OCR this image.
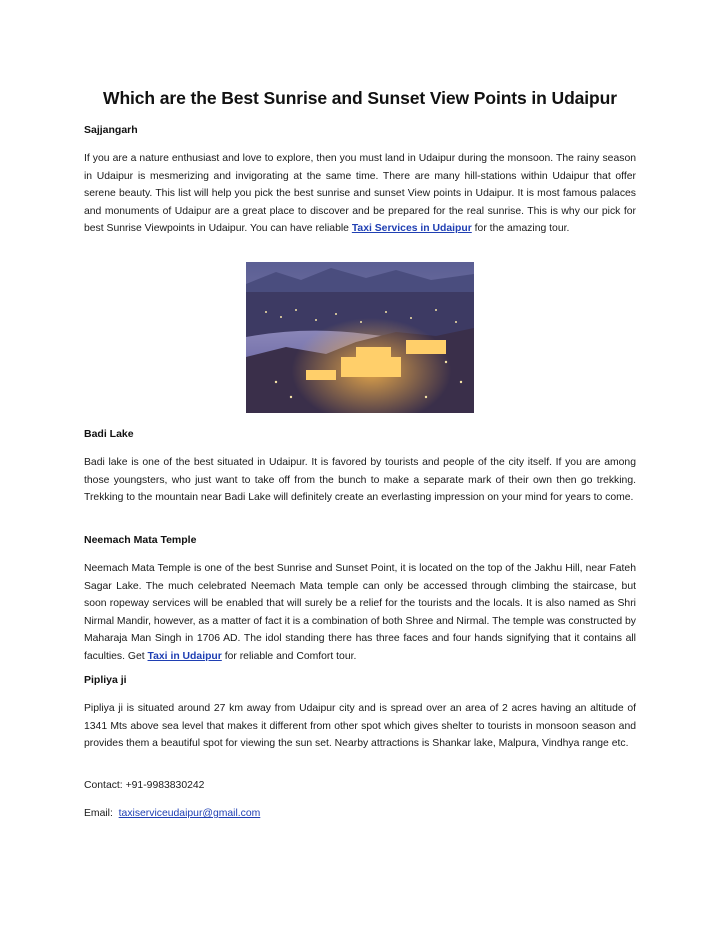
Which are the Best Sunrise and Sunset View Points in Udaipur

Sajjangarh

If you are a nature enthusiast and love to explore, then you must land in Udaipur during the monsoon. The rainy season in Udaipur is mesmerizing and invigorating at the same time. There are many hill-stations within Udaipur that offer serene beauty. This list will help you pick the best sunrise and sunset View points in Udaipur. It is most famous palaces and monuments of Udaipur are a great place to discover and be prepared for the real sunrise. This is why our pick for best Sunrise Viewpoints in Udaipur. You can have reliable Taxi Services in Udaipur for the amazing tour.

Badi Lake

Badi lake is one of the best situated in Udaipur. It is favored by tourists and people of the city itself. If you are among those youngsters, who just want to take off from the bunch to make a separate mark of their own then go trekking. Trekking to the mountain near Badi Lake will definitely create an everlasting impression on your mind for years to come.

Neemach Mata Temple

Neemach Mata Temple is one of the best Sunrise and Sunset Point, it is located on the top of the Jakhu Hill, near Fateh Sagar Lake. The much celebrated Neemach Mata temple can only be accessed through climbing the staircase, but soon ropeway services will be enabled that will surely be a relief for the tourists and the locals. It is also named as Shri Nirmal Mandir, however, as a matter of fact it is a combination of both Shree and Nirmal. The temple was constructed by Maharaja Man Singh in 1706 AD. The idol standing there has three faces and four hands signifying that it contains all faculties. Get Taxi in Udaipur for reliable and Comfort tour.

Pipliya ji

Pipliya ji is situated around 27 km away from Udaipur city and is spread over an area of 2 acres having an altitude of 1341 Mts above sea level that makes it different from other spot which gives shelter to tourists in monsoon season and provides them a beautiful spot for viewing the sun set. Nearby attractions is Shankar lake, Malpura, Vindhya range etc.

Contact: +91-9983830242

Email:  taxiserviceudaipur@gmail.com
